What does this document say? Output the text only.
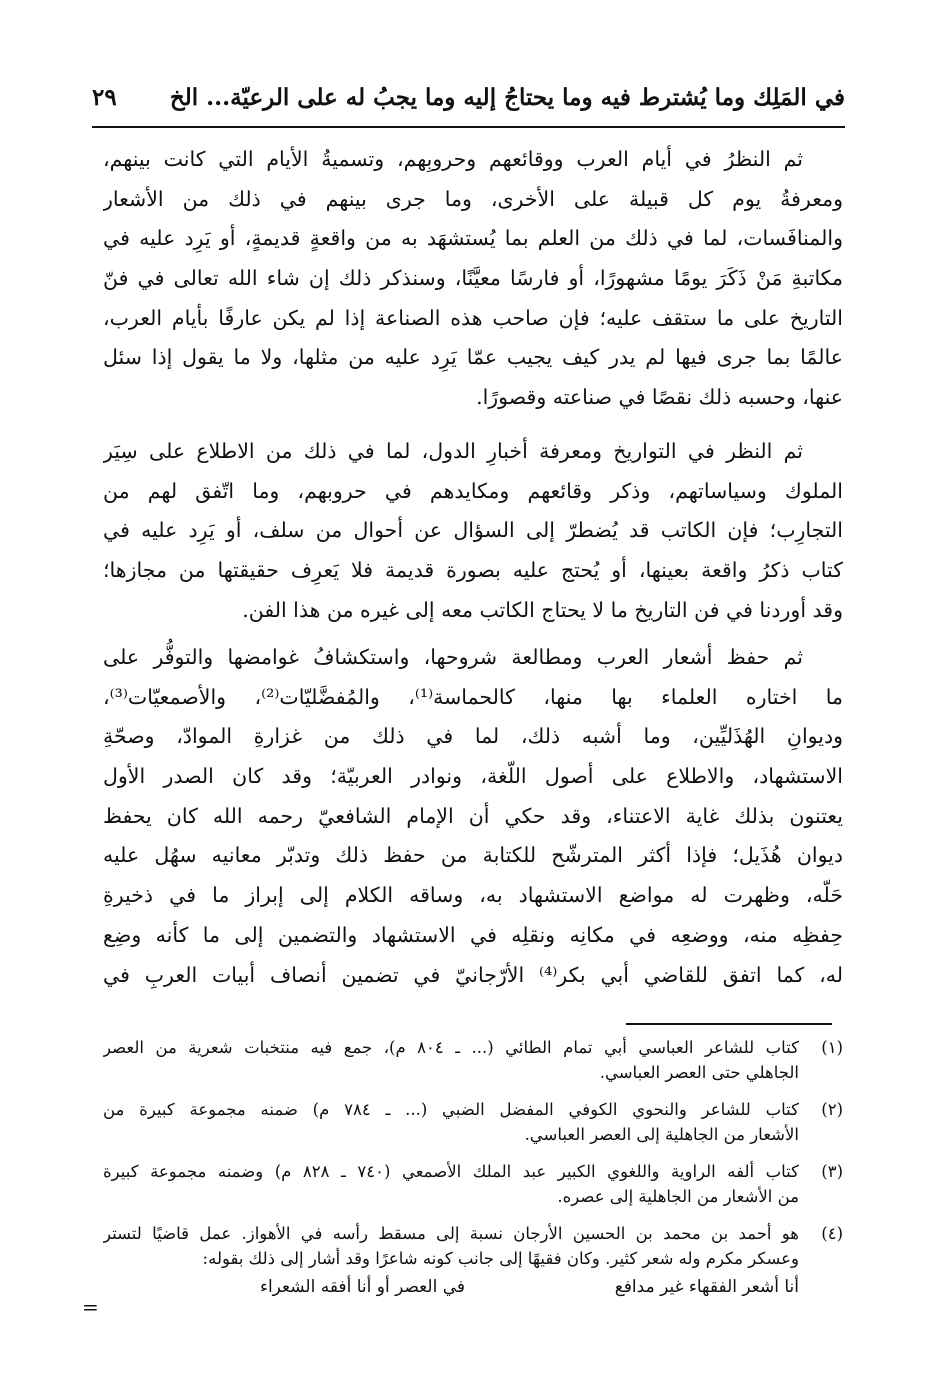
في المَلِك وما يُشترط فيه وما يحتاجُ إليه وما يجبُ له على الرعيّة... الخ
٢٩
ثم النظرُ في أيام العرب ووقائعهم وحروبِهم، وتسميةُ الأيام التي كانت بينهم،
ومعرفةُ يوم كل قبيلة على الأخرى، وما جرى بينهم في ذلك من الأشعار
والمنافَسات، لما في ذلك من العلم بما يُستشهَد به من واقعةٍ قديمةٍ، أو يَرِد عليه في
مكاتبةِ مَنْ ذَكَرَ يومًا مشهورًا، أو فارسًا معيَّنًا، وسنذكر ذلك إن شاء الله تعالى في فنّ
التاريخ على ما ستقف عليه؛ فإن صاحب هذه الصناعة إذا لم يكن عارفًا بأيام العرب،
عالمًا بما جرى فيها لم يدر كيف يجيب عمّا يَرِد عليه من مثلها، ولا ما يقول إذا سئل
عنها، وحسبه ذلك نقصًا في صناعته وقصورًا.
ثم النظر في التواريخ ومعرفة أخبارِ الدول، لما في ذلك من الاطلاع على سِيَر
الملوك وسياساتهم، وذكر وقائعهم ومكايدهم في حروبهم، وما اتّفق لهم من
التجارِب؛ فإن الكاتب قد يُضطرّ إلى السؤال عن أحوال من سلف، أو يَرِد عليه في
كتاب ذكرُ واقعة بعينها، أو يُحتج عليه بصورة قديمة فلا يَعرِف حقيقتها من مجازها؛
وقد أوردنا في فن التاريخ ما لا يحتاج الكاتب معه إلى غيره من هذا الفن.
ثم حفظ أشعار العرب ومطالعة شروحها، واستكشافُ غوامضها والتوفُّر على
ما اختاره العلماء بها منها، كالحماسة⁽¹⁾، والمُفضَّليّات⁽²⁾، والأصمعيّات⁽³⁾،
وديوانِ الهُذَليِّين، وما أشبه ذلك، لما في ذلك من غزارةِ الموادّ، وصحّةِ
الاستشهاد، والاطلاع على أصول اللّغة، ونوادر العربيّة؛ وقد كان الصدر الأول
يعتنون بذلك غاية الاعتناء، وقد حكي أن الإمام الشافعيّ رحمه الله كان يحفظ
ديوان هُذَيل؛ فإذا أكثر المترشّح للكتابة من حفظ ذلك وتدبّر معانيه سهُل عليه
حَلّه، وظهرت له مواضع الاستشهاد به، وساقه الكلام إلى إبراز ما في ذخيرةِ
حِفظِه منه، ووضعِه في مكانِه ونقلِه في الاستشهاد والتضمين إلى ما كأنه وضِع
له، كما اتفق للقاضي أبي بكر⁽⁴⁾ الأرّجانيّ في تضمين أنصاف أبيات العربِ في
(١)
كتاب للشاعر العباسي أبي تمام الطائي (... ـ ٨٠٤ م)، جمع فيه منتخبات شعرية من العصر
الجاهلي حتى العصر العباسي.
(٢)
كتاب للشاعر والنحوي الكوفي المفضل الضبي (... ـ ٧٨٤ م) ضمنه مجموعة كبيرة من
الأشعار من الجاهلية إلى العصر العباسي.
(٣)
كتاب ألفه الراوية واللغوي الكبير عبد الملك الأصمعي (٧٤٠ ـ ٨٢٨ م) وضمنه مجموعة كبيرة
من الأشعار من الجاهلية إلى عصره.
(٤)
هو أحمد بن محمد بن الحسين الأرجان نسبة إلى مسقط رأسه في الأهواز. عمل قاضيًا لتستر
وعسكر مكرم وله شعر كثير. وكان فقيهًا إلى جانب كونه شاعرًا وقد أشار إلى ذلك بقوله:
أنا أشعر الفقهاء غير مدافع
في العصر أو أنا أفقه الشعراء
=
